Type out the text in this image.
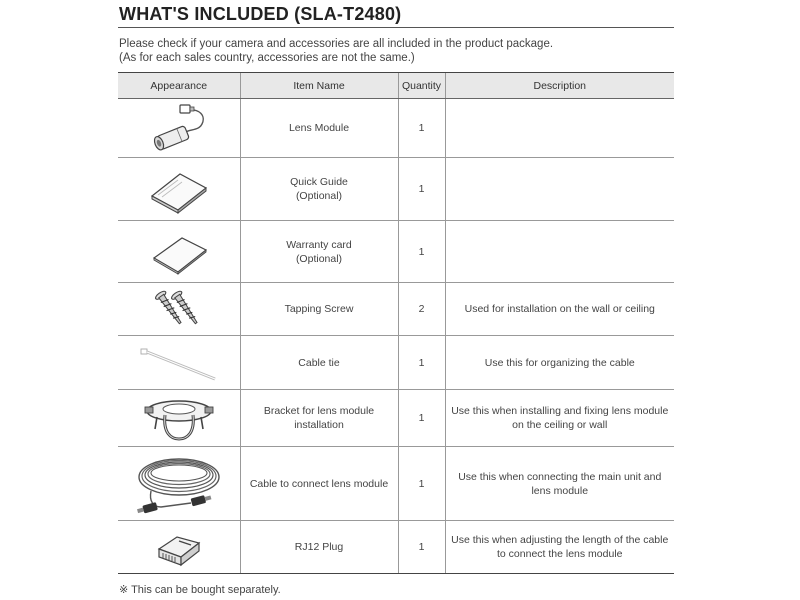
WHAT'S INCLUDED (SLA-T2480)
Please check if your camera and accessories are all included in the product package.
(As for each sales country, accessories are not the same.)
Appearance	Item Name	Quantity	Description

Lens Module	1	

Quick Guide
(Optional)	1	

Warranty card
(Optional)	1	

Tapping Screw	2	Used for installation on the wall or ceiling

Cable tie	1	Use this for organizing the cable

Bracket for lens module installation	1	Use this when installing and fixing lens module on the ceiling or wall

Cable to connect lens module	1	Use this when connecting the main unit and lens module

RJ12 Plug	1	Use this when adjusting the length of the cable to connect the lens module
※ This can be bought separately.
